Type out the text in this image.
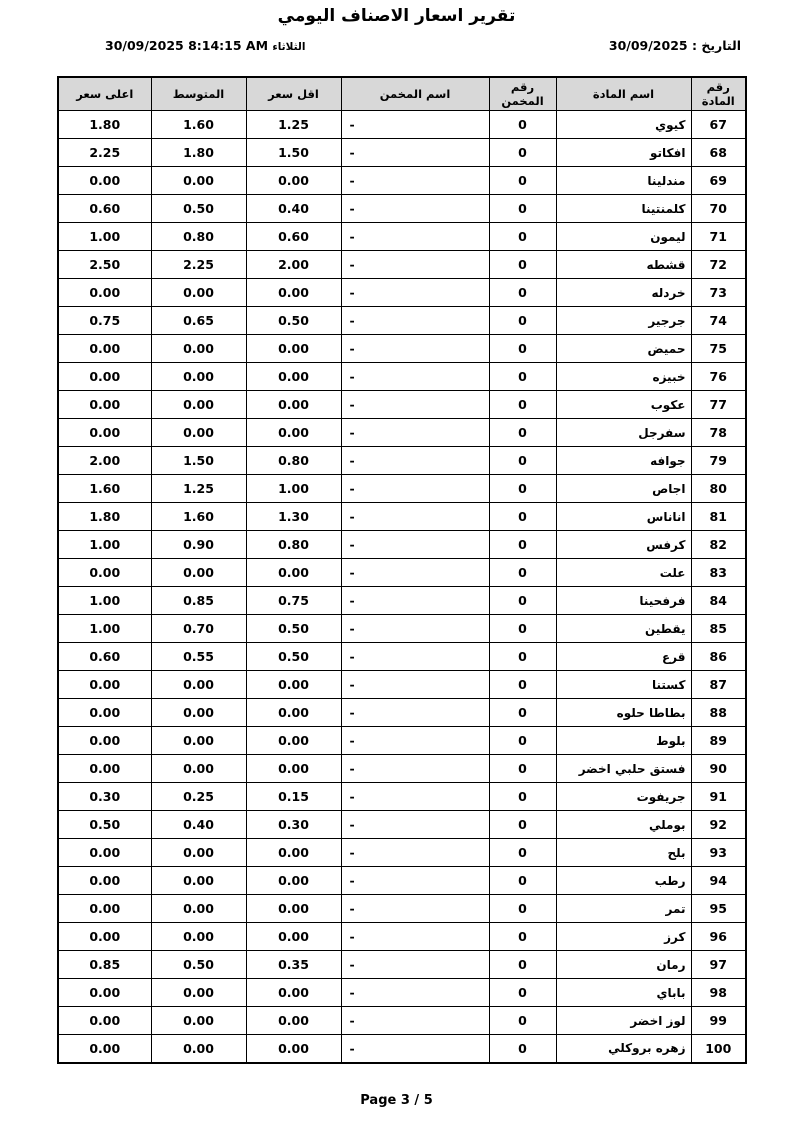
تقرير اسعار الاصناف اليومي
30/09/2025 8:14:15 AM الثلاثاء	التاريخ : 30/09/2025
رقم المادة	اسم المادة	رقم المخمن	اسم المخمن	اقل سعر	المتوسط	اعلى سعر
67	كيوي	0	-	1.25	1.60	1.80
68	افكاتو	0	-	1.50	1.80	2.25
69	مندلينا	0	-	0.00	0.00	0.00
70	كلمنتينا	0	-	0.40	0.50	0.60
71	ليمون	0	-	0.60	0.80	1.00
72	قشطه	0	-	2.00	2.25	2.50
73	خردله	0	-	0.00	0.00	0.00
74	جرجير	0	-	0.50	0.65	0.75
75	حميض	0	-	0.00	0.00	0.00
76	خبيزه	0	-	0.00	0.00	0.00
77	عكوب	0	-	0.00	0.00	0.00
78	سفرجل	0	-	0.00	0.00	0.00
79	جوافه	0	-	0.80	1.50	2.00
80	اجاص	0	-	1.00	1.25	1.60
81	اناناس	0	-	1.30	1.60	1.80
82	كرفس	0	-	0.80	0.90	1.00
83	علت	0	-	0.00	0.00	0.00
84	فرفحينا	0	-	0.75	0.85	1.00
85	يقطين	0	-	0.50	0.70	1.00
86	قرع	0	-	0.50	0.55	0.60
87	كستنا	0	-	0.00	0.00	0.00
88	بطاطا حلوه	0	-	0.00	0.00	0.00
89	بلوط	0	-	0.00	0.00	0.00
90	فستق حلبي اخضر	0	-	0.00	0.00	0.00
91	جريفوت	0	-	0.15	0.25	0.30
92	بوملي	0	-	0.30	0.40	0.50
93	بلح	0	-	0.00	0.00	0.00
94	رطب	0	-	0.00	0.00	0.00
95	تمر	0	-	0.00	0.00	0.00
96	كرز	0	-	0.00	0.00	0.00
97	رمان	0	-	0.35	0.50	0.85
98	باباي	0	-	0.00	0.00	0.00
99	لوز اخضر	0	-	0.00	0.00	0.00
100	زهره بروكلي	0	-	0.00	0.00	0.00
Page 3 / 5
